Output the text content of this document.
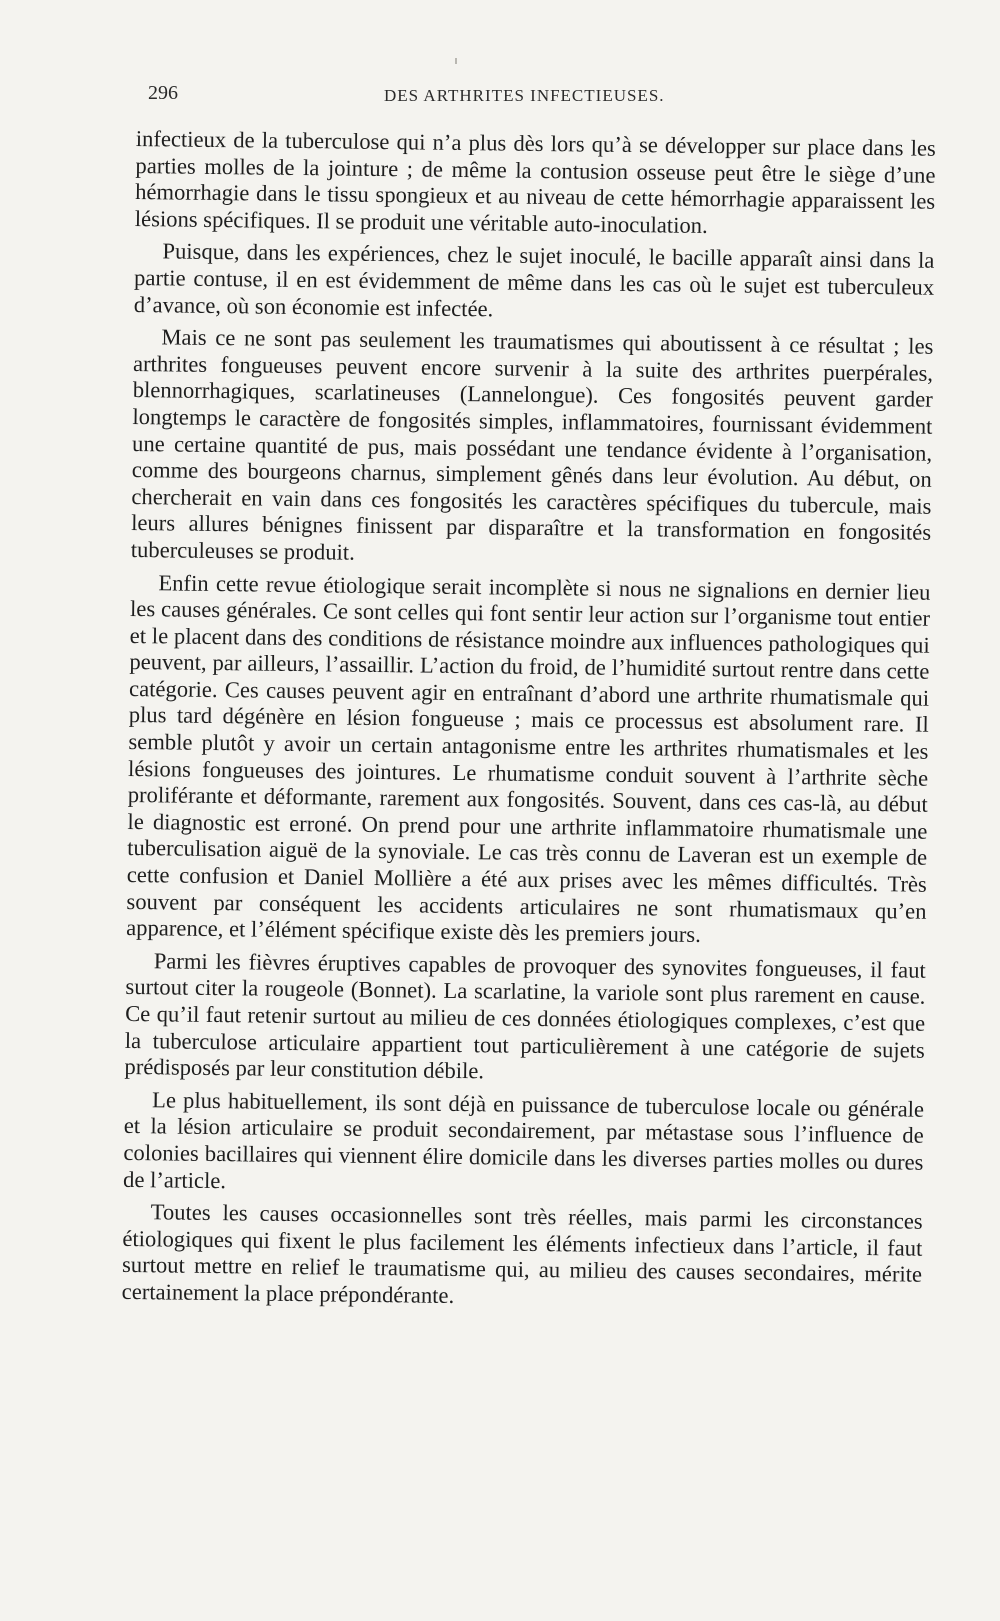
296	DES ARTHRITES INFECTIEUSES.

infectieux de la tuberculose qui n’a plus dès lors qu’à se développer sur place dans les parties molles de la jointure ; de même la contusion osseuse peut être le siège d’une hémorrhagie dans le tissu spongieux et au niveau de cette hémorrhagie apparaissent les lésions spécifiques. Il se produit une véritable auto-inoculation.

Puisque, dans les expériences, chez le sujet inoculé, le bacille apparaît ainsi dans la partie contuse, il en est évidemment de même dans les cas où le sujet est tuberculeux d’avance, où son économie est infectée.

Mais ce ne sont pas seulement les traumatismes qui aboutissent à ce résultat ; les arthrites fongueuses peuvent encore survenir à la suite des arthrites puerpérales, blennorrhagiques, scarlatineuses (Lannelongue). Ces fongosités peuvent garder longtemps le caractère de fongosités simples, inflammatoires, fournissant évidemment une certaine quantité de pus, mais possédant une tendance évidente à l’organisation, comme des bourgeons charnus, simplement gênés dans leur évolution. Au début, on chercherait en vain dans ces fongosités les caractères spécifiques du tubercule, mais leurs allures bénignes finissent par disparaître et la transformation en fongosités tuberculeuses se produit.

Enfin cette revue étiologique serait incomplète si nous ne signalions en dernier lieu les causes générales. Ce sont celles qui font sentir leur action sur l’organisme tout entier et le placent dans des conditions de résistance moindre aux influences pathologiques qui peuvent, par ailleurs, l’assaillir. L’action du froid, de l’humidité surtout rentre dans cette catégorie. Ces causes peuvent agir en entraînant d’abord une arthrite rhumatismale qui plus tard dégénère en lésion fongueuse ; mais ce processus est absolument rare. Il semble plutôt y avoir un certain antagonisme entre les arthrites rhumatismales et les lésions fongueuses des jointures. Le rhumatisme conduit souvent à l’arthrite sèche proliférante et déformante, rarement aux fongosités. Souvent, dans ces cas-là, au début le diagnostic est erroné. On prend pour une arthrite inflammatoire rhumatismale une tuberculisation aiguë de la synoviale. Le cas très connu de Laveran est un exemple de cette confusion et Daniel Mollière a été aux prises avec les mêmes difficultés. Très souvent par conséquent les accidents articulaires ne sont rhumatismaux qu’en apparence, et l’élément spécifique existe dès les premiers jours.

Parmi les fièvres éruptives capables de provoquer des synovites fongueuses, il faut surtout citer la rougeole (Bonnet). La scarlatine, la variole sont plus rarement en cause. Ce qu’il faut retenir surtout au milieu de ces données étiologiques complexes, c’est que la tuberculose articulaire appartient tout particulièrement à une catégorie de sujets prédisposés par leur constitution débile.

Le plus habituellement, ils sont déjà en puissance de tuberculose locale ou générale et la lésion articulaire se produit secondairement, par métastase sous l’influence de colonies bacillaires qui viennent élire domicile dans les diverses parties molles ou dures de l’article.

Toutes les causes occasionnelles sont très réelles, mais parmi les circonstances étiologiques qui fixent le plus facilement les éléments infectieux dans l’article, il faut surtout mettre en relief le traumatisme qui, au milieu des causes secondaires, mérite certainement la place prépondérante.
